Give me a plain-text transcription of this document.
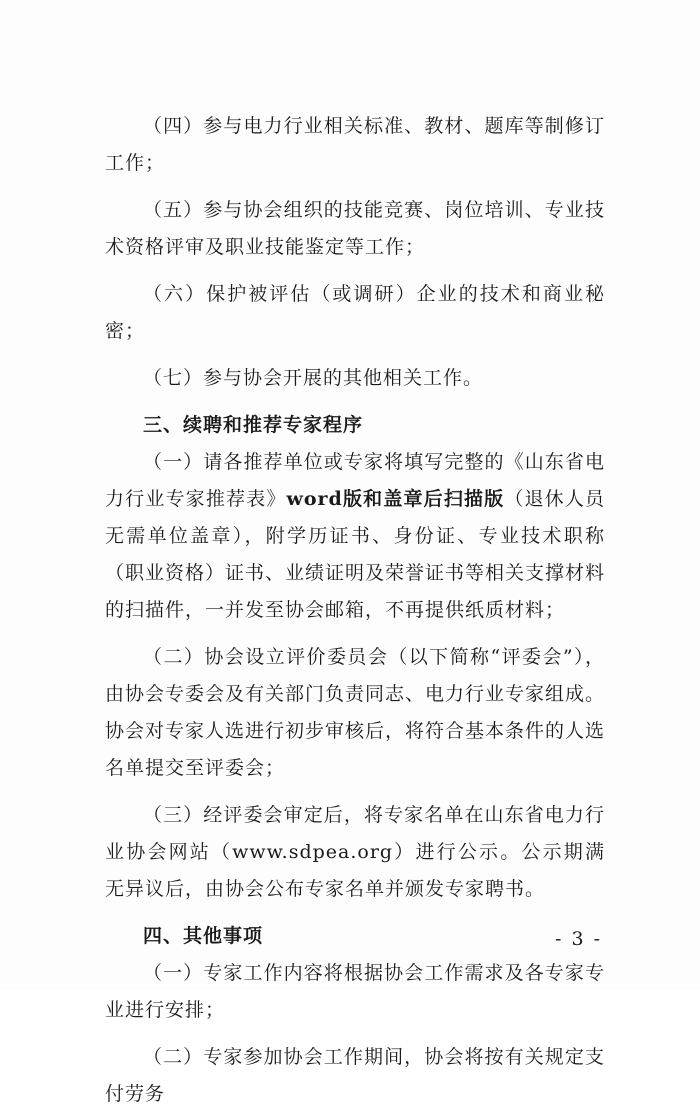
（四）参与电力行业相关标准、教材、题库等制修订工作；

（五）参与协会组织的技能竞赛、岗位培训、专业技术资格评审及职业技能鉴定等工作；

（六）保护被评估（或调研）企业的技术和商业秘密；

（七）参与协会开展的其他相关工作。

三、续聘和推荐专家程序

（一）请各推荐单位或专家将填写完整的《山东省电力行业专家推荐表》word版和盖章后扫描版（退休人员无需单位盖章），附学历证书、身份证、专业技术职称（职业资格）证书、业绩证明及荣誉证书等相关支撑材料的扫描件，一并发至协会邮箱，不再提供纸质材料；

（二）协会设立评价委员会（以下简称“评委会”），由协会专委会及有关部门负责同志、电力行业专家组成。协会对专家人选进行初步审核后，将符合基本条件的人选名单提交至评委会；

（三）经评委会审定后，将专家名单在山东省电力行业协会网站（www.sdpea.org）进行公示。公示期满无异议后，由协会公布专家名单并颁发专家聘书。

四、其他事项

（一）专家工作内容将根据协会工作需求及各专家专业进行安排；

（二）专家参加协会工作期间，协会将按有关规定支付劳务

- 3 -
